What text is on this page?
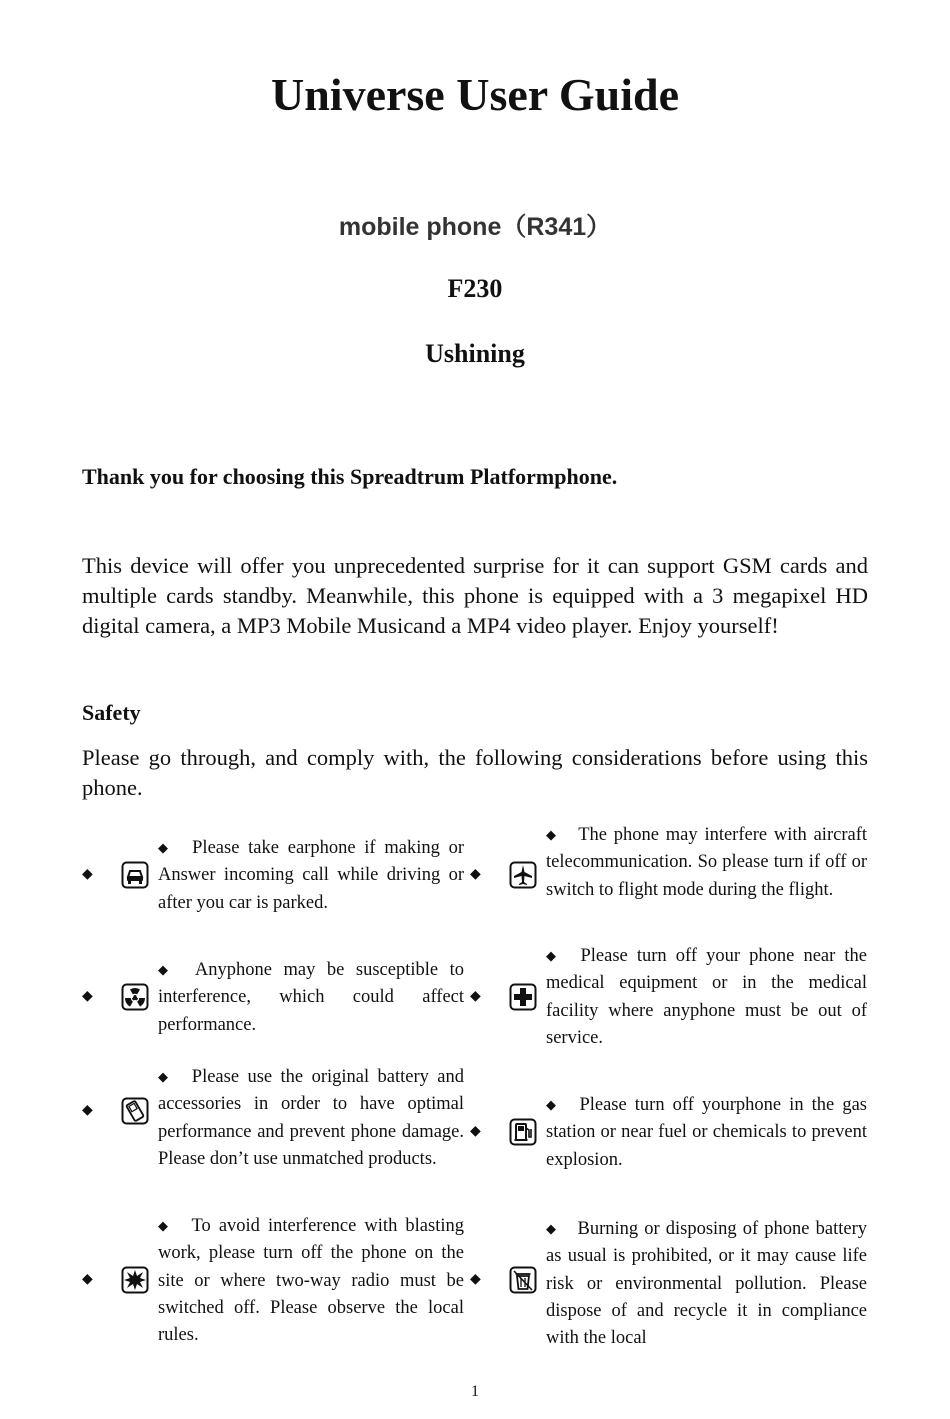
Universe User Guide

mobile phone（R341）

F230

Ushining

Thank you for choosing this Spreadtrum Platformphone.

This device will offer you unprecedented surprise for it can support GSM cards and multiple cards standby. Meanwhile, this phone is equipped with a 3 megapixel HD digital camera, a MP3 Mobile Musicand a MP4 video player. Enjoy yourself!

Safety

Please go through, and comply with, the following considerations before using this phone.

◆

◆ Please take earphone if making or Answer incoming call while driving or after you car is parked.

◆

◆ The phone may interfere with aircraft telecommunication. So please turn if off or switch to flight mode during the flight.

◆

◆ Anyphone may be susceptible to interference, which could affect performance.

◆

◆ Please turn off your phone near the medical equipment or in the medical facility where anyphone must be out of service.

◆

◆ Please use the original battery and accessories in order to have optimal performance and prevent phone damage. Please don’t use unmatched products.

◆

◆ Please turn off yourphone in the gas station or near fuel or chemicals to prevent explosion.

◆

◆ To avoid interference with blasting work, please turn off the phone on the site or where two-way radio must be switched off. Please observe the local rules.

◆

◆ Burning or disposing of phone battery as usual is prohibited, or it may cause life risk or environmental pollution. Please dispose of and recycle it in compliance with the local

1
